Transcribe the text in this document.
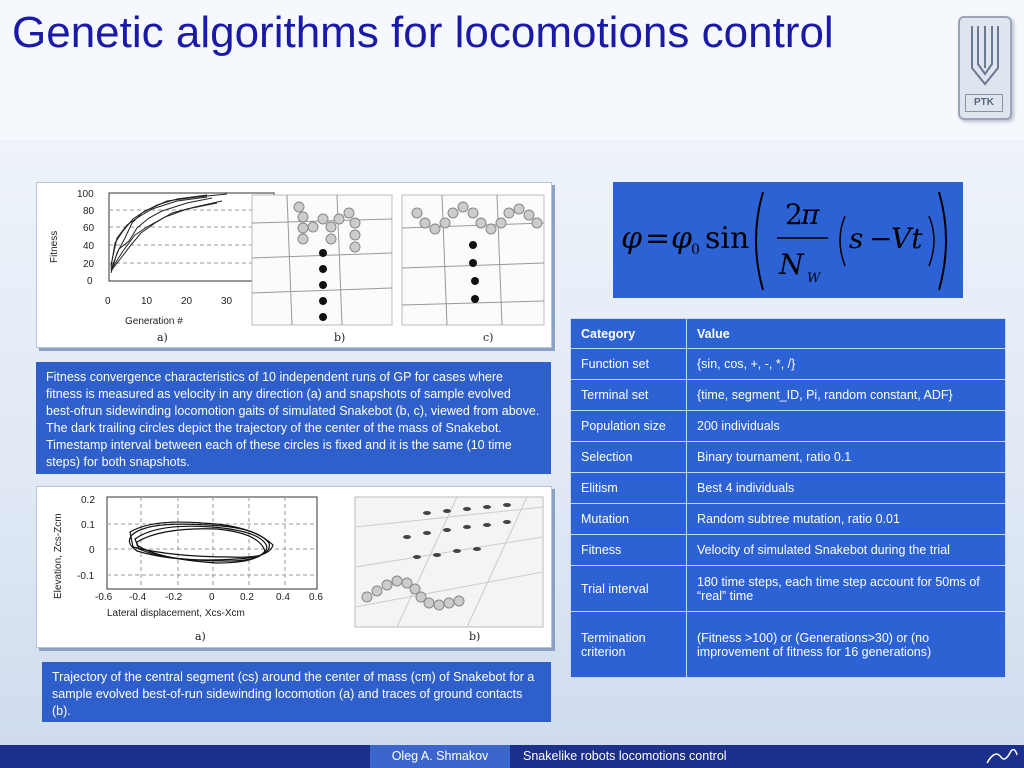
Genetic algorithms for locomotions control
PTK
100
80
60
40
20
0
0	10	20	30
Generation #
Fitness
a)	b)	c)
Fitness convergence characteristics of 10 independent runs of GP for cases where fitness is measured as velocity in any direction (a) and snapshots of sample evolved best-ofrun sidewinding locomotion gaits of simulated Snakebot (b, c), viewed from above. The dark trailing circles depict the trajectory of the center of the mass of Snakebot. Timestamp interval between each of these circles is fixed and it is the same (10 time steps) for both snapshots.
0.2
0.1
0
-0.1
-0.6 -0.4 -0.2	0	0.2 0.4 0.6
Lateral displacement, Xcs-Xcm
Elevation, Zcs-Zcm
a)	b)
Trajectory of the central segment (cs) around the center of mass (cm) of Snakebot for a sample evolved best-of-run sidewinding locomotion (a) and traces of ground contacts (b).
φ = φ
0 sin
2
π
N W
s −
Vt
Category	Value
Function set	{sin, cos, +, -, *, /}
Terminal set	{time, segment_ID, Pi, random constant, ADF}
Population size	200 individuals
Selection	Binary tournament, ratio 0.1
Elitism	Best 4 individuals
Mutation	Random subtree mutation, ratio 0.01
Fitness	Velocity of simulated Snakebot during the trial
Trial interval	180 time steps, each time step account for 50ms of “real” time
Termination criterion	(Fitness >100) or (Generations>30) or (no improvement of fitness for 16 generations)
Oleg A. Shmakov	Snakelike robots locomotions control
